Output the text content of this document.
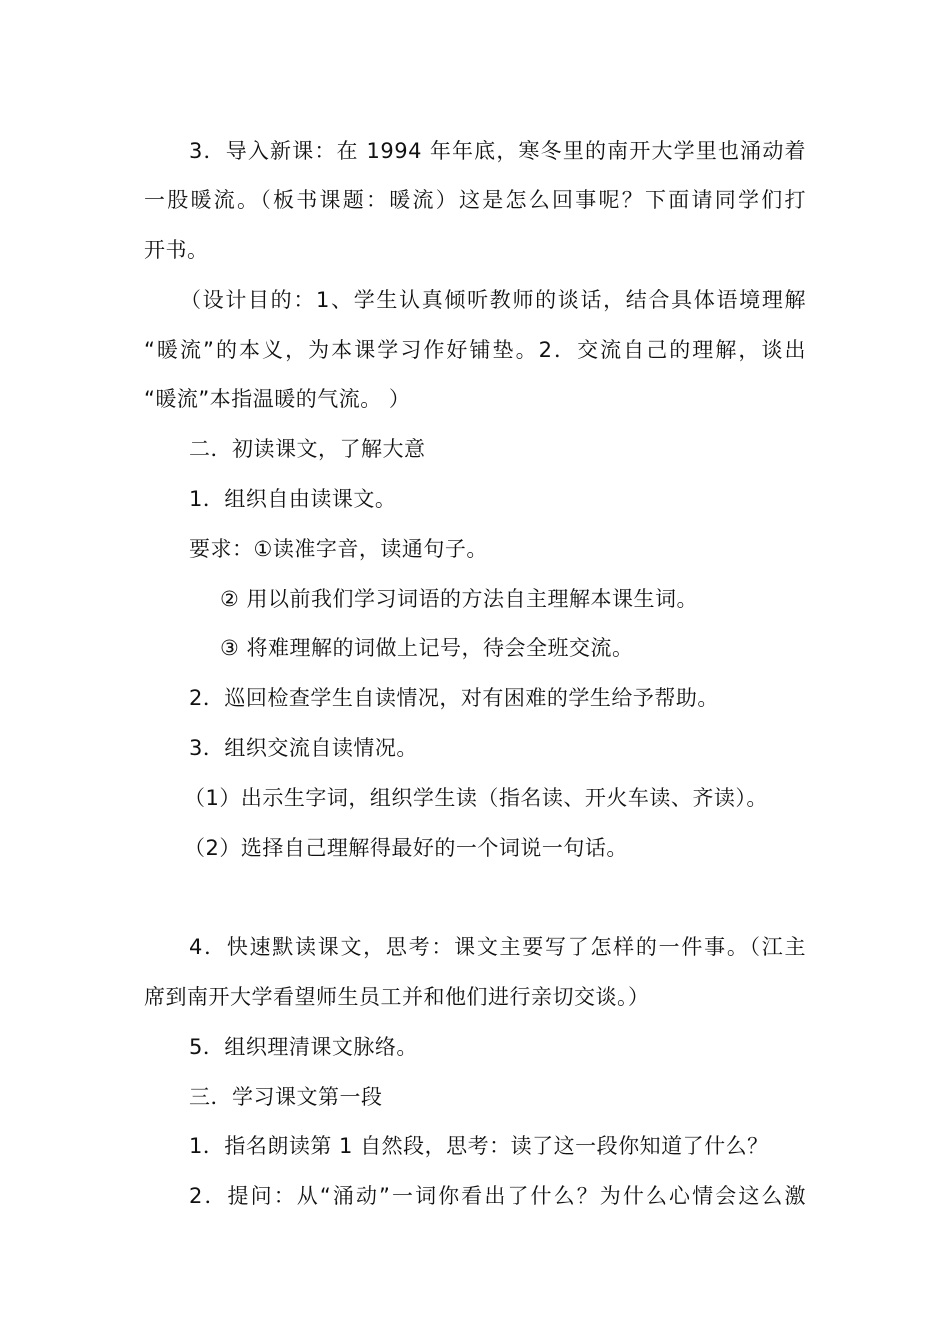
3．导入新课：在 1994 年年底，寒冬里的南开大学里也涌动着
一股暖流。（板书课题：暖流）这是怎么回事呢？下面请同学们打
开书。
（设计目的：1、学生认真倾听教师的谈话，结合具体语境理解
“暖流”的本义，为本课学习作好铺垫。2．交流自己的理解，谈出
“暖流”本指温暖的气流。 ）
二．初读课文，了解大意
1．组织自由读课文。
要求：①读准字音，读通句子。
② 用以前我们学习词语的方法自主理解本课生词。
③ 将难理解的词做上记号，待会全班交流。
2．巡回检查学生自读情况，对有困难的学生给予帮助。
3．组织交流自读情况。
（1）出示生字词，组织学生读（指名读、开火车读、齐读）。
（2）选择自己理解得最好的一个词说一句话。
4．快速默读课文，思考：课文主要写了怎样的一件事。（江主
席到南开大学看望师生员工并和他们进行亲切交谈。）
5．组织理清课文脉络。
三．学习课文第一段
1．指名朗读第 1 自然段，思考：读了这一段你知道了什么？
2．提问：从“涌动”一词你看出了什么？为什么心情会这么激
